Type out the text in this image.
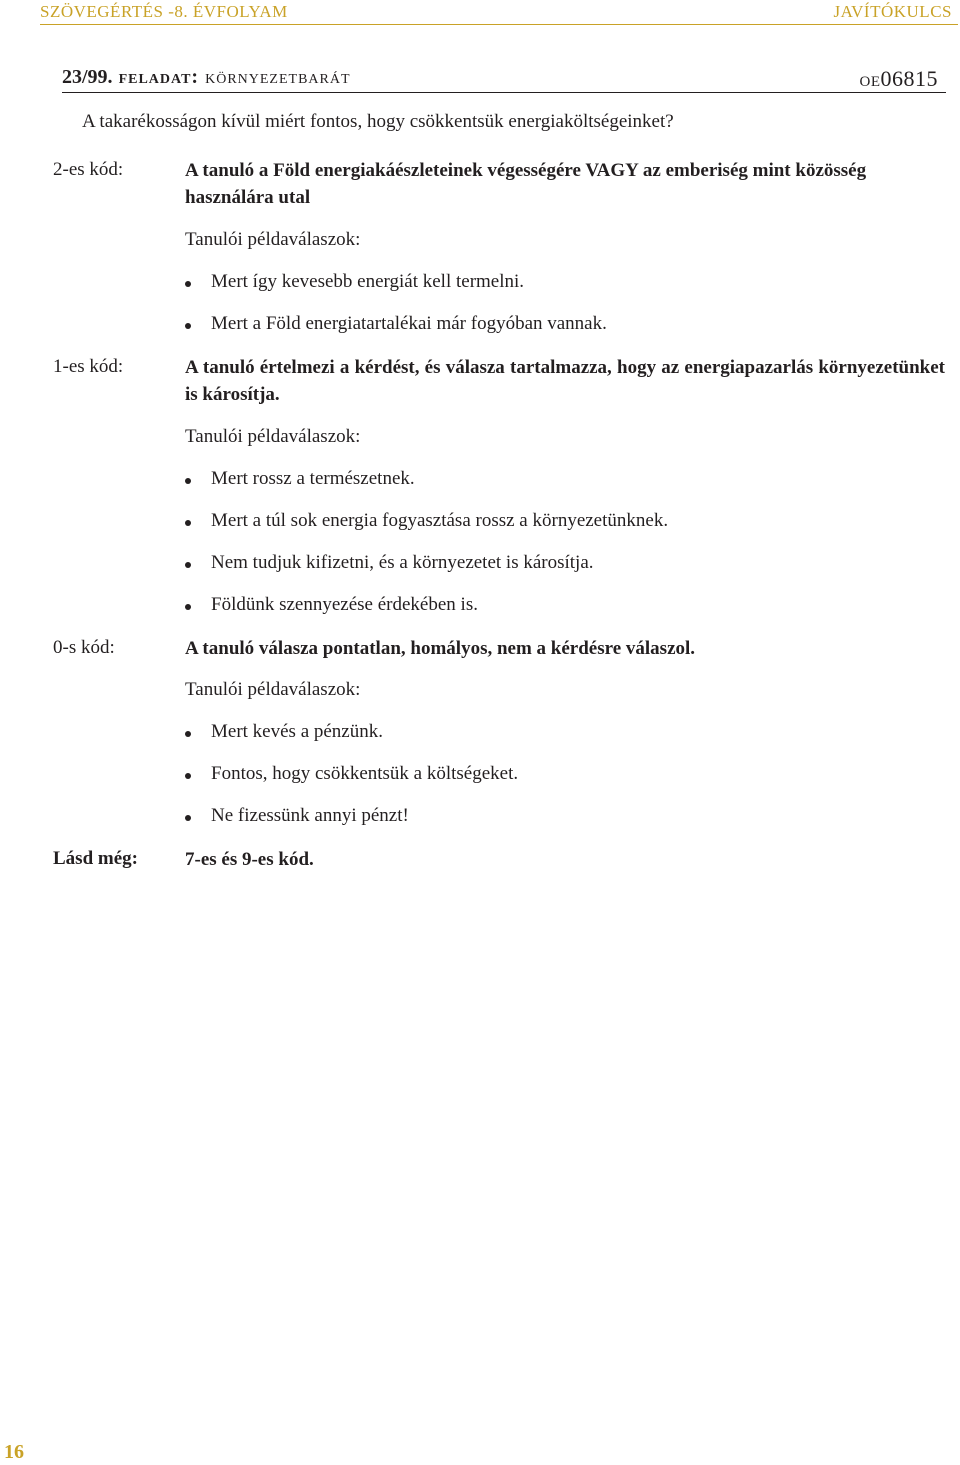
SZÖVEGÉRTÉS -8. ÉVFOLYAM	JAVÍTÓKULCS
23/99. feladat: környezetbarát	oe06815
A takarékosságon kívül miért fontos, hogy csökkentsük energiaköltségeinket?
2-es kód:	A tanuló a Föld energiakáészleteinek végességére VAGY az emberiség mint közösség használára utal
Tanulói példaválaszok:
Mert így kevesebb energiát kell termelni.
Mert a Föld energiatartalékai már fogyóban vannak.
1-es kód:	A tanuló értelmezi a kérdést, és válasza tartalmazza, hogy az energiapazarlás környezetünket is károsítja.
Tanulói példaválaszok:
Mert rossz a természetnek.
Mert a túl sok energia fogyasztása rossz a környezetünknek.
Nem tudjuk kifizetni, és a környezetet is károsítja.
Földünk szennyezése érdekében is.
0-s kód:	A tanuló válasza pontatlan, homályos, nem a kérdésre válaszol.
Tanulói példaválaszok:
Mert kevés a pénzünk.
Fontos, hogy csökkentsük a költségeket.
Ne fizessünk annyi pénzt!
Lásd még: 7-es és 9-es kód.
16
